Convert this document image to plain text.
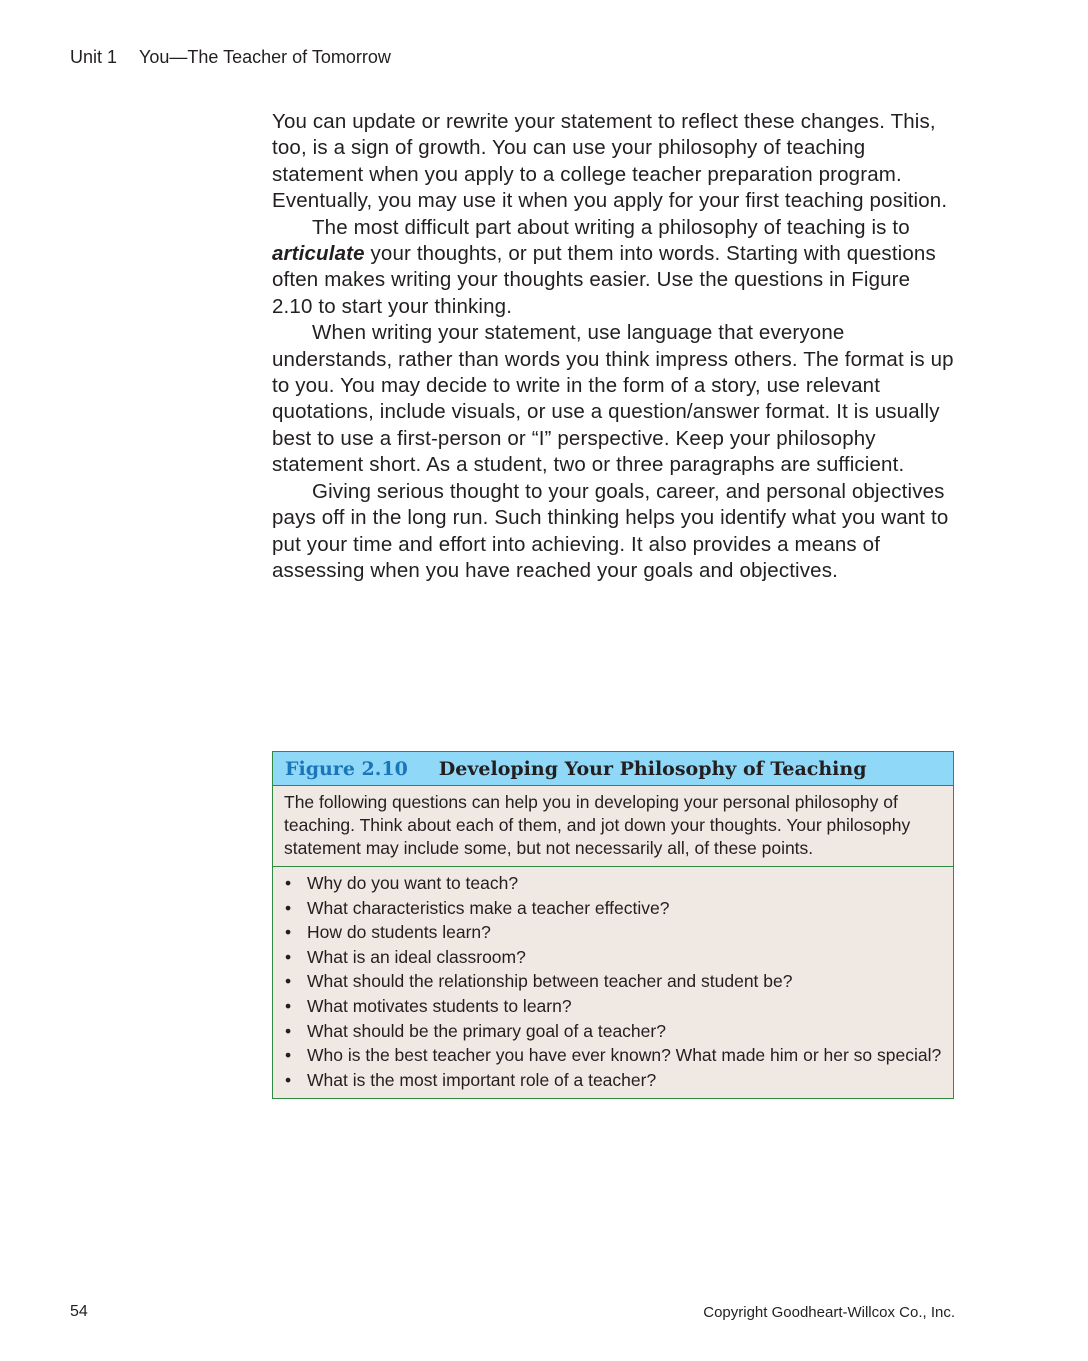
Unit 1 You—The Teacher of Tomorrow

You can update or rewrite your statement to reflect these changes. This, too, is a sign of growth. You can use your philosophy of teaching statement when you apply to a college teacher preparation program. Eventually, you may use it when you apply for your first teaching position.

The most difficult part about writing a philosophy of teaching is to articulate your thoughts, or put them into words. Starting with questions often makes writing your thoughts easier. Use the questions in Figure 2.10 to start your thinking.

When writing your statement, use language that everyone understands, rather than words you think impress others. The format is up to you. You may decide to write in the form of a story, use relevant quotations, include visuals, or use a question/answer format. It is usually best to use a first-person or “I” perspective. Keep your philosophy statement short. As a student, two or three paragraphs are sufficient.

Giving serious thought to your goals, career, and personal objectives pays off in the long run. Such thinking helps you identify what you want to put your time and effort into achieving. It also provides a means of assessing when you have reached your goals and objectives.

Figure 2.10 Developing Your Philosophy of Teaching
The following questions can help you in developing your personal philosophy of teaching. Think about each of them, and jot down your thoughts. Your philosophy statement may include some, but not necessarily all, of these points.
• Why do you want to teach?
• What characteristics make a teacher effective?
• How do students learn?
• What is an ideal classroom?
• What should the relationship between teacher and student be?
• What motivates students to learn?
• What should be the primary goal of a teacher?
• Who is the best teacher you have ever known? What made him or her so special?
• What is the most important role of a teacher?
54	Copyright Goodheart-Willcox Co., Inc.
